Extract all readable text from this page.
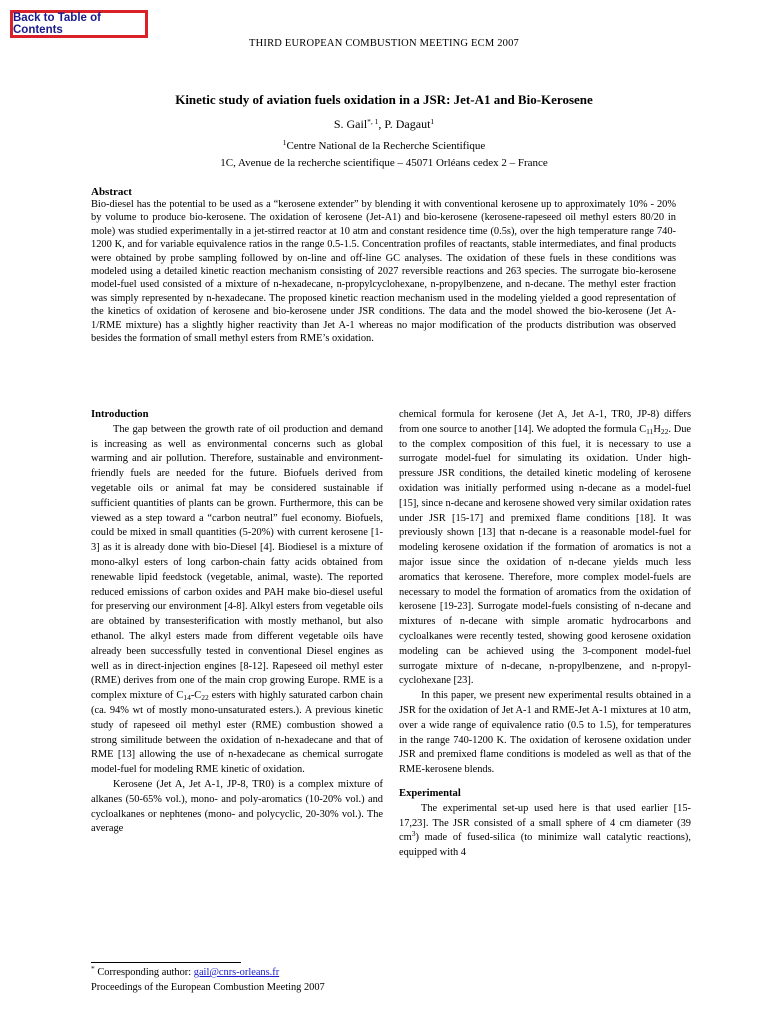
Back to Table of Contents
THIRD EUROPEAN COMBUSTION MEETING ECM 2007
Kinetic study of aviation fuels oxidation in a JSR: Jet-A1 and Bio-Kerosene
S. Gail$^{*, 1}$, P. Dagaut$^1$
$^1$Centre National de la Recherche Scientifique
1C, Avenue de la recherche scientifique – 45071 Orléans cedex 2 – France
Abstract

Bio-diesel has the potential to be used as a “kerosene extender” by blending it with conventional kerosene up to approximately 10% - 20% by volume to produce bio-kerosene. The oxidation of kerosene (Jet-A1) and bio-kerosene (kerosene-rapeseed oil methyl esters 80/20 in mole) was studied experimentally in a jet-stirred reactor at 10 atm and constant residence time (0.5s), over the high temperature range 740-1200 K, and for variable equivalence ratios in the range 0.5-1.5. Concentration profiles of reactants, stable intermediates, and final products were obtained by probe sampling followed by on-line and off-line GC analyses. The oxidation of these fuels in these conditions was modeled using a detailed kinetic reaction mechanism consisting of 2027 reversible reactions and 263 species. The surrogate bio-kerosene model-fuel used consisted of a mixture of n-hexadecane, n-propylcyclohexane, n-propylbenzene, and n-decane. The methyl ester fraction was simply represented by n-hexadecane. The proposed kinetic reaction mechanism used in the modeling yielded a good representation of the kinetics of oxidation of kerosene and bio-kerosene under JSR conditions. The data and the model showed the bio-kerosene (Jet A-1/RME mixture) has a slightly higher reactivity than Jet A-1 whereas no major modification of the products distribution was observed besides the formation of small methyl esters from RME’s oxidation.

Introduction

The gap between the growth rate of oil production and demand is increasing as well as environmental concerns such as global warming and air pollution. Therefore, sustainable and environment-friendly fuels are needed for the future. Biofuels derived from vegetable oils or animal fat may be considered sustainable if sufficient quantities of plants can be grown. Furthermore, this can be viewed as a step toward a “carbon neutral” fuel economy. Biofuels, could be mixed in small quantities (5-20%) with current kerosene [1-3] as it is already done with bio-Diesel [4]. Biodiesel is a mixture of mono-alkyl esters of long carbon-chain fatty acids obtained from renewable lipid feedstock (vegetable, animal, waste). The reported reduced emissions of carbon oxides and PAH make bio-diesel useful for preserving our environment [4-8]. Alkyl esters from vegetable oils are obtained by transesterification with mostly methanol, but also ethanol. The alkyl esters made from different vegetable oils have already been successfully tested in conventional Diesel engines as well as in direct-injection engines [8-12]. Rapeseed oil methyl ester (RME) derives from one of the main crop growing Europe. RME is a complex mixture of $C_{14}-C_{22}$ esters with highly saturated carbon chain (ca. 94% wt of mostly mono-unsaturated esters.). A previous kinetic study of rapeseed oil methyl ester (RME) combustion showed a strong similitude between the oxidation of n-hexadecane and that of RME [13] allowing the use of n-hexadecane as chemical surrogate model-fuel for modeling RME kinetic of oxidation.

Kerosene (Jet A, Jet A-1, JP-8, TR0) is a complex mixture of alkanes (50-65% vol.), mono- and poly-aromatics (10-20% vol.) and cycloalkanes or nephtenes (mono- and polycyclic, 20-30% vol.). The average

chemical formula for kerosene (Jet A, Jet A-1, TR0, JP-8) differs from one source to another [14]. We adopted the formula $C_{11}H_{22}$. Due to the complex composition of this fuel, it is necessary to use a surrogate model-fuel for simulating its oxidation. Under high-pressure JSR conditions, the detailed kinetic modeling of kerosene oxidation was initially performed using n-decane as a model-fuel [15], since n-decane and kerosene showed very similar oxidation rates under JSR [15-17] and premixed flame conditions [18]. It was previously shown [13] that n-decane is a reasonable model-fuel for modeling kerosene oxidation if the formation of aromatics is not a major issue since the oxidation of n-decane yields much less aromatics that kerosene. Therefore, more complex model-fuels are necessary to model the formation of aromatics from the oxidation of kerosene [19-23]. Surrogate model-fuels consisting of n-decane and mixtures of n-decane with simple aromatic hydrocarbons and cycloalkanes were recently tested, showing good kerosene oxidation modeling can be achieved using the 3-component model-fuel surrogate mixture of n-decane, n-propylbenzene, and n-propyl-cyclohexane [23].

In this paper, we present new experimental results obtained in a JSR for the oxidation of Jet A-1 and RME-Jet A-1 mixtures at 10 atm, over a wide range of equivalence ratio (0.5 to 1.5), for temperatures in the range 740-1200 K. The oxidation of kerosene oxidation under JSR and premixed flame conditions is modeled as well as that of the RME-kerosene blends.

Experimental

The experimental set-up used here is that used earlier [15-17,23]. The JSR consisted of a small sphere of 4 cm diameter (39 $cm^3$) made of fused-silica (to minimize wall catalytic reactions), equipped with 4

* Corresponding author: gail@cnrs-orleans.fr
Proceedings of the European Combustion Meeting 2007
